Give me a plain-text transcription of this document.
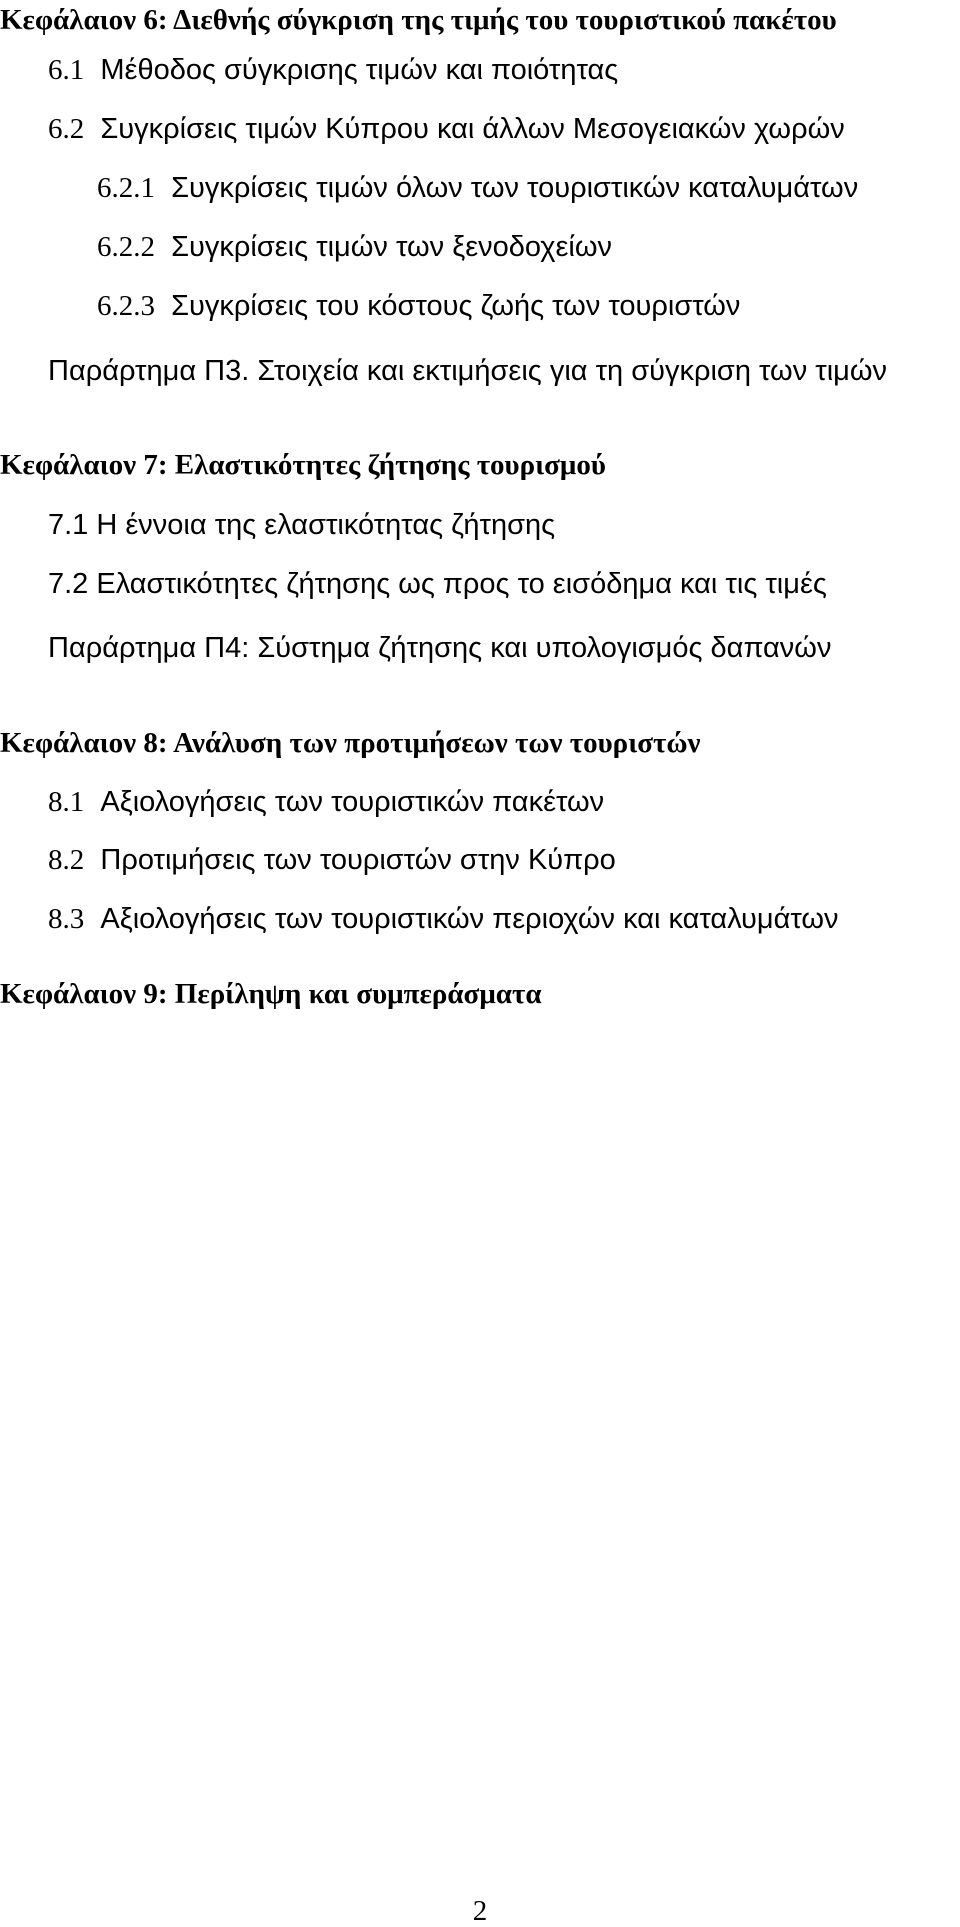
Κεφάλαιον 6: Διεθνής σύγκριση της τιμής του τουριστικού πακέτου
6.1 Μέθοδος σύγκρισης τιμών και ποιότητας
6.2 Συγκρίσεις τιμών Κύπρου και άλλων Μεσογειακών χωρών
6.2.1 Συγκρίσεις τιμών όλων των τουριστικών καταλυμάτων
6.2.2 Συγκρίσεις τιμών των ξενοδοχείων
6.2.3 Συγκρίσεις του κόστους ζωής των τουριστών
Παράρτημα Π3. Στοιχεία και εκτιμήσεις για τη σύγκριση των τιμών
Κεφάλαιον 7: Ελαστικότητες ζήτησης τουρισμού
7.1 Η έννοια της ελαστικότητας ζήτησης
7.2 Ελαστικότητες ζήτησης ως προς το εισόδημα και τις τιμές
Παράρτημα Π4: Σύστημα ζήτησης και υπολογισμός δαπανών
Κεφάλαιον 8: Ανάλυση των προτιμήσεων των τουριστών
8.1 Αξιολογήσεις των τουριστικών πακέτων
8.2 Προτιμήσεις των τουριστών στην Κύπρο
8.3 Αξιολογήσεις των τουριστικών περιοχών και καταλυμάτων
Κεφάλαιον 9: Περίληψη και συμπεράσματα
2
